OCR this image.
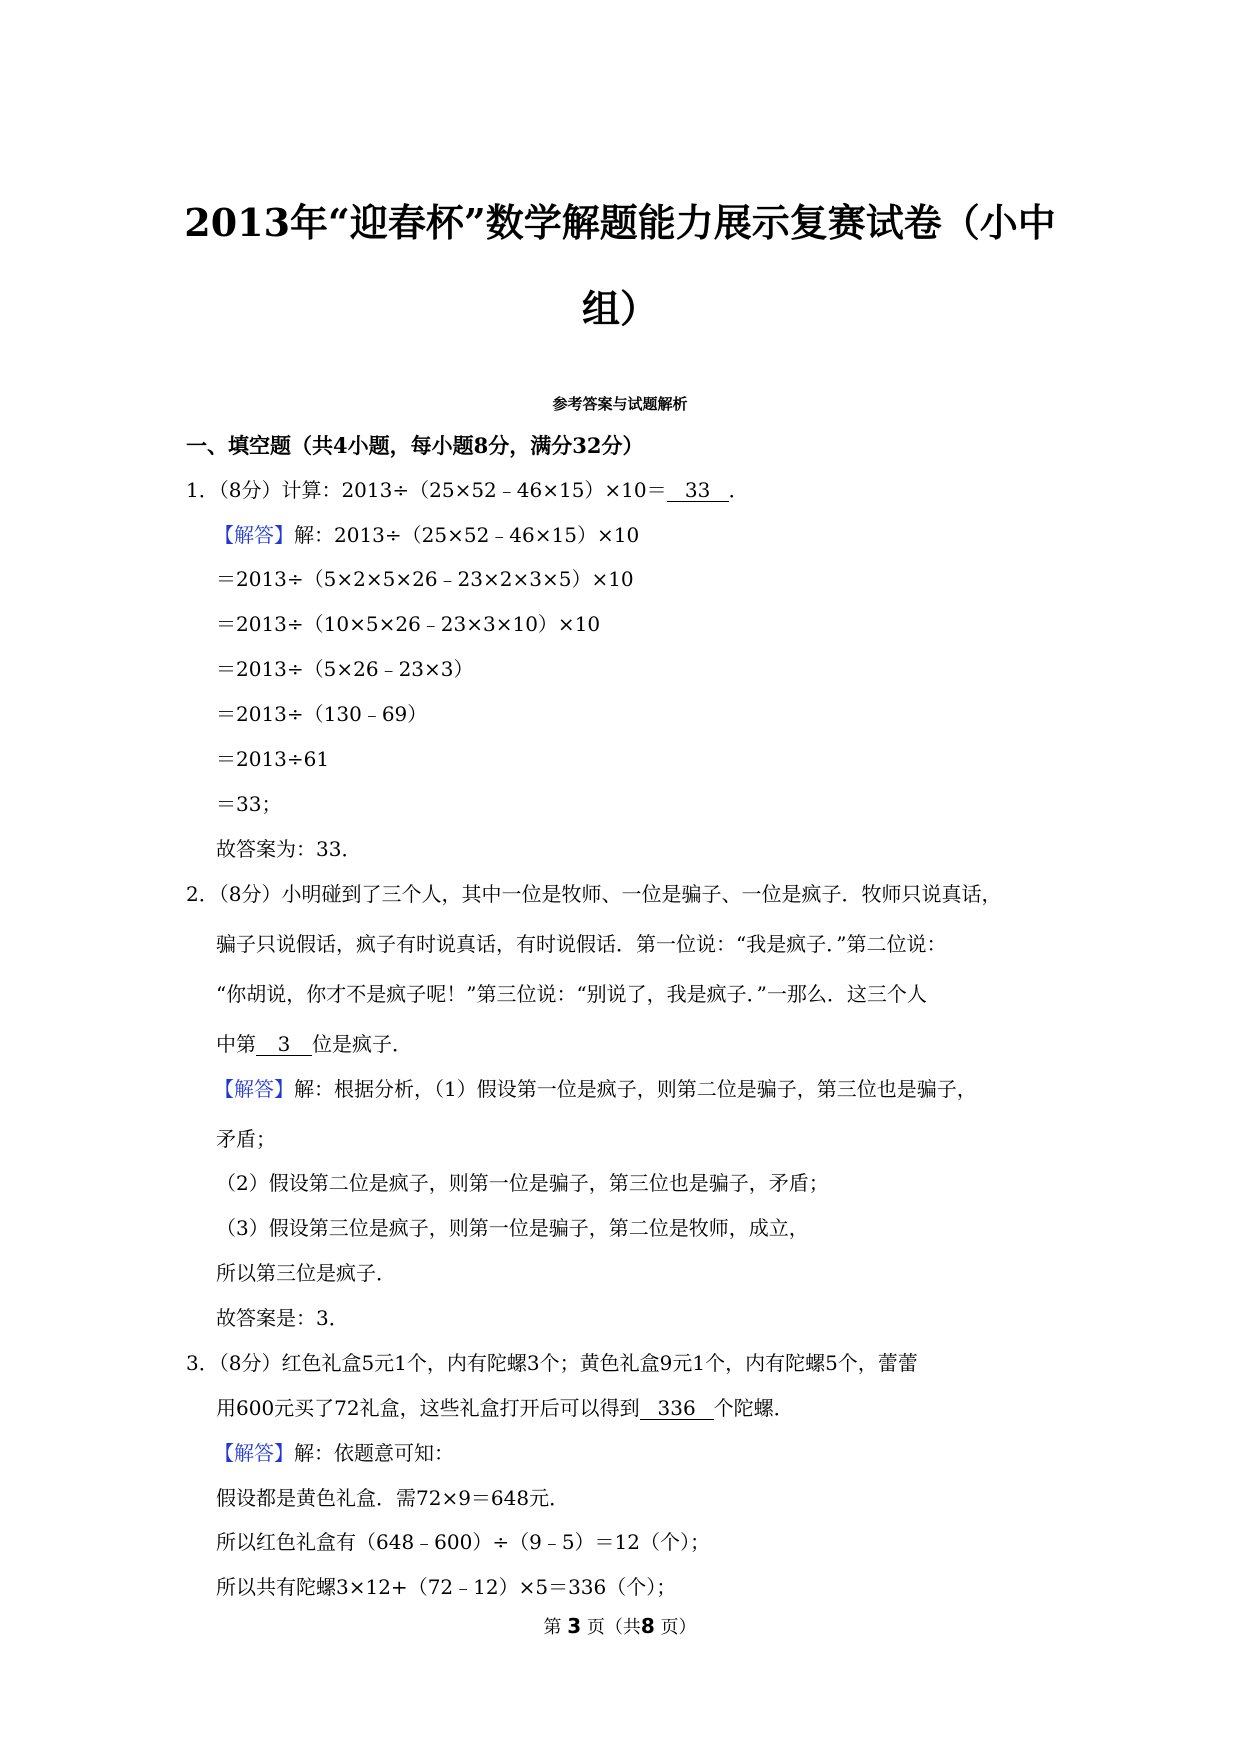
2013年“迎春杯”数学解题能力展示复赛试卷（小中
组）
参考答案与试题解析
一、填空题（共4小题，每小题8分，满分32分）
1．（8分）计算：2013÷（25×52﹣46×15）×10＝ 33 ．
【解答】解：2013÷（25×52﹣46×15）×10
＝2013÷（5×2×5×26﹣23×2×3×5）×10
＝2013÷（10×5×26﹣23×3×10）×10
＝2013÷（5×26﹣23×3）
＝2013÷（130﹣69）
＝2013÷61
＝33；
故答案为：33．
2．（8分）小明碰到了三个人，其中一位是牧师、一位是骗子、一位是疯子．牧师只说真话，
骗子只说假话，疯子有时说真话，有时说假话．第一位说：“我是疯子．”第二位说：
“你胡说，你才不是疯子呢！”第三位说：“别说了，我是疯子．”一那么．这三个人
中第 3 位是疯子．
【解答】解：根据分析，（1）假设第一位是疯子，则第二位是骗子，第三位也是骗子，
矛盾；
（2）假设第二位是疯子，则第一位是骗子，第三位也是骗子，矛盾；
（3）假设第三位是疯子，则第一位是骗子，第二位是牧师，成立，
所以第三位是疯子．
故答案是：3．
3．（8分）红色礼盒5元1个，内有陀螺3个；黄色礼盒9元1个，内有陀螺5个，蕾蕾
用600元买了72礼盒，这些礼盒打开后可以得到 336 个陀螺．
【解答】解：依题意可知：
假设都是黄色礼盒．需72×9＝648元．
所以红色礼盒有（648﹣600）÷（9﹣5）＝12（个）；
所以共有陀螺3×12+（72﹣12）×5＝336（个）；
第 3 页（共8 页）
